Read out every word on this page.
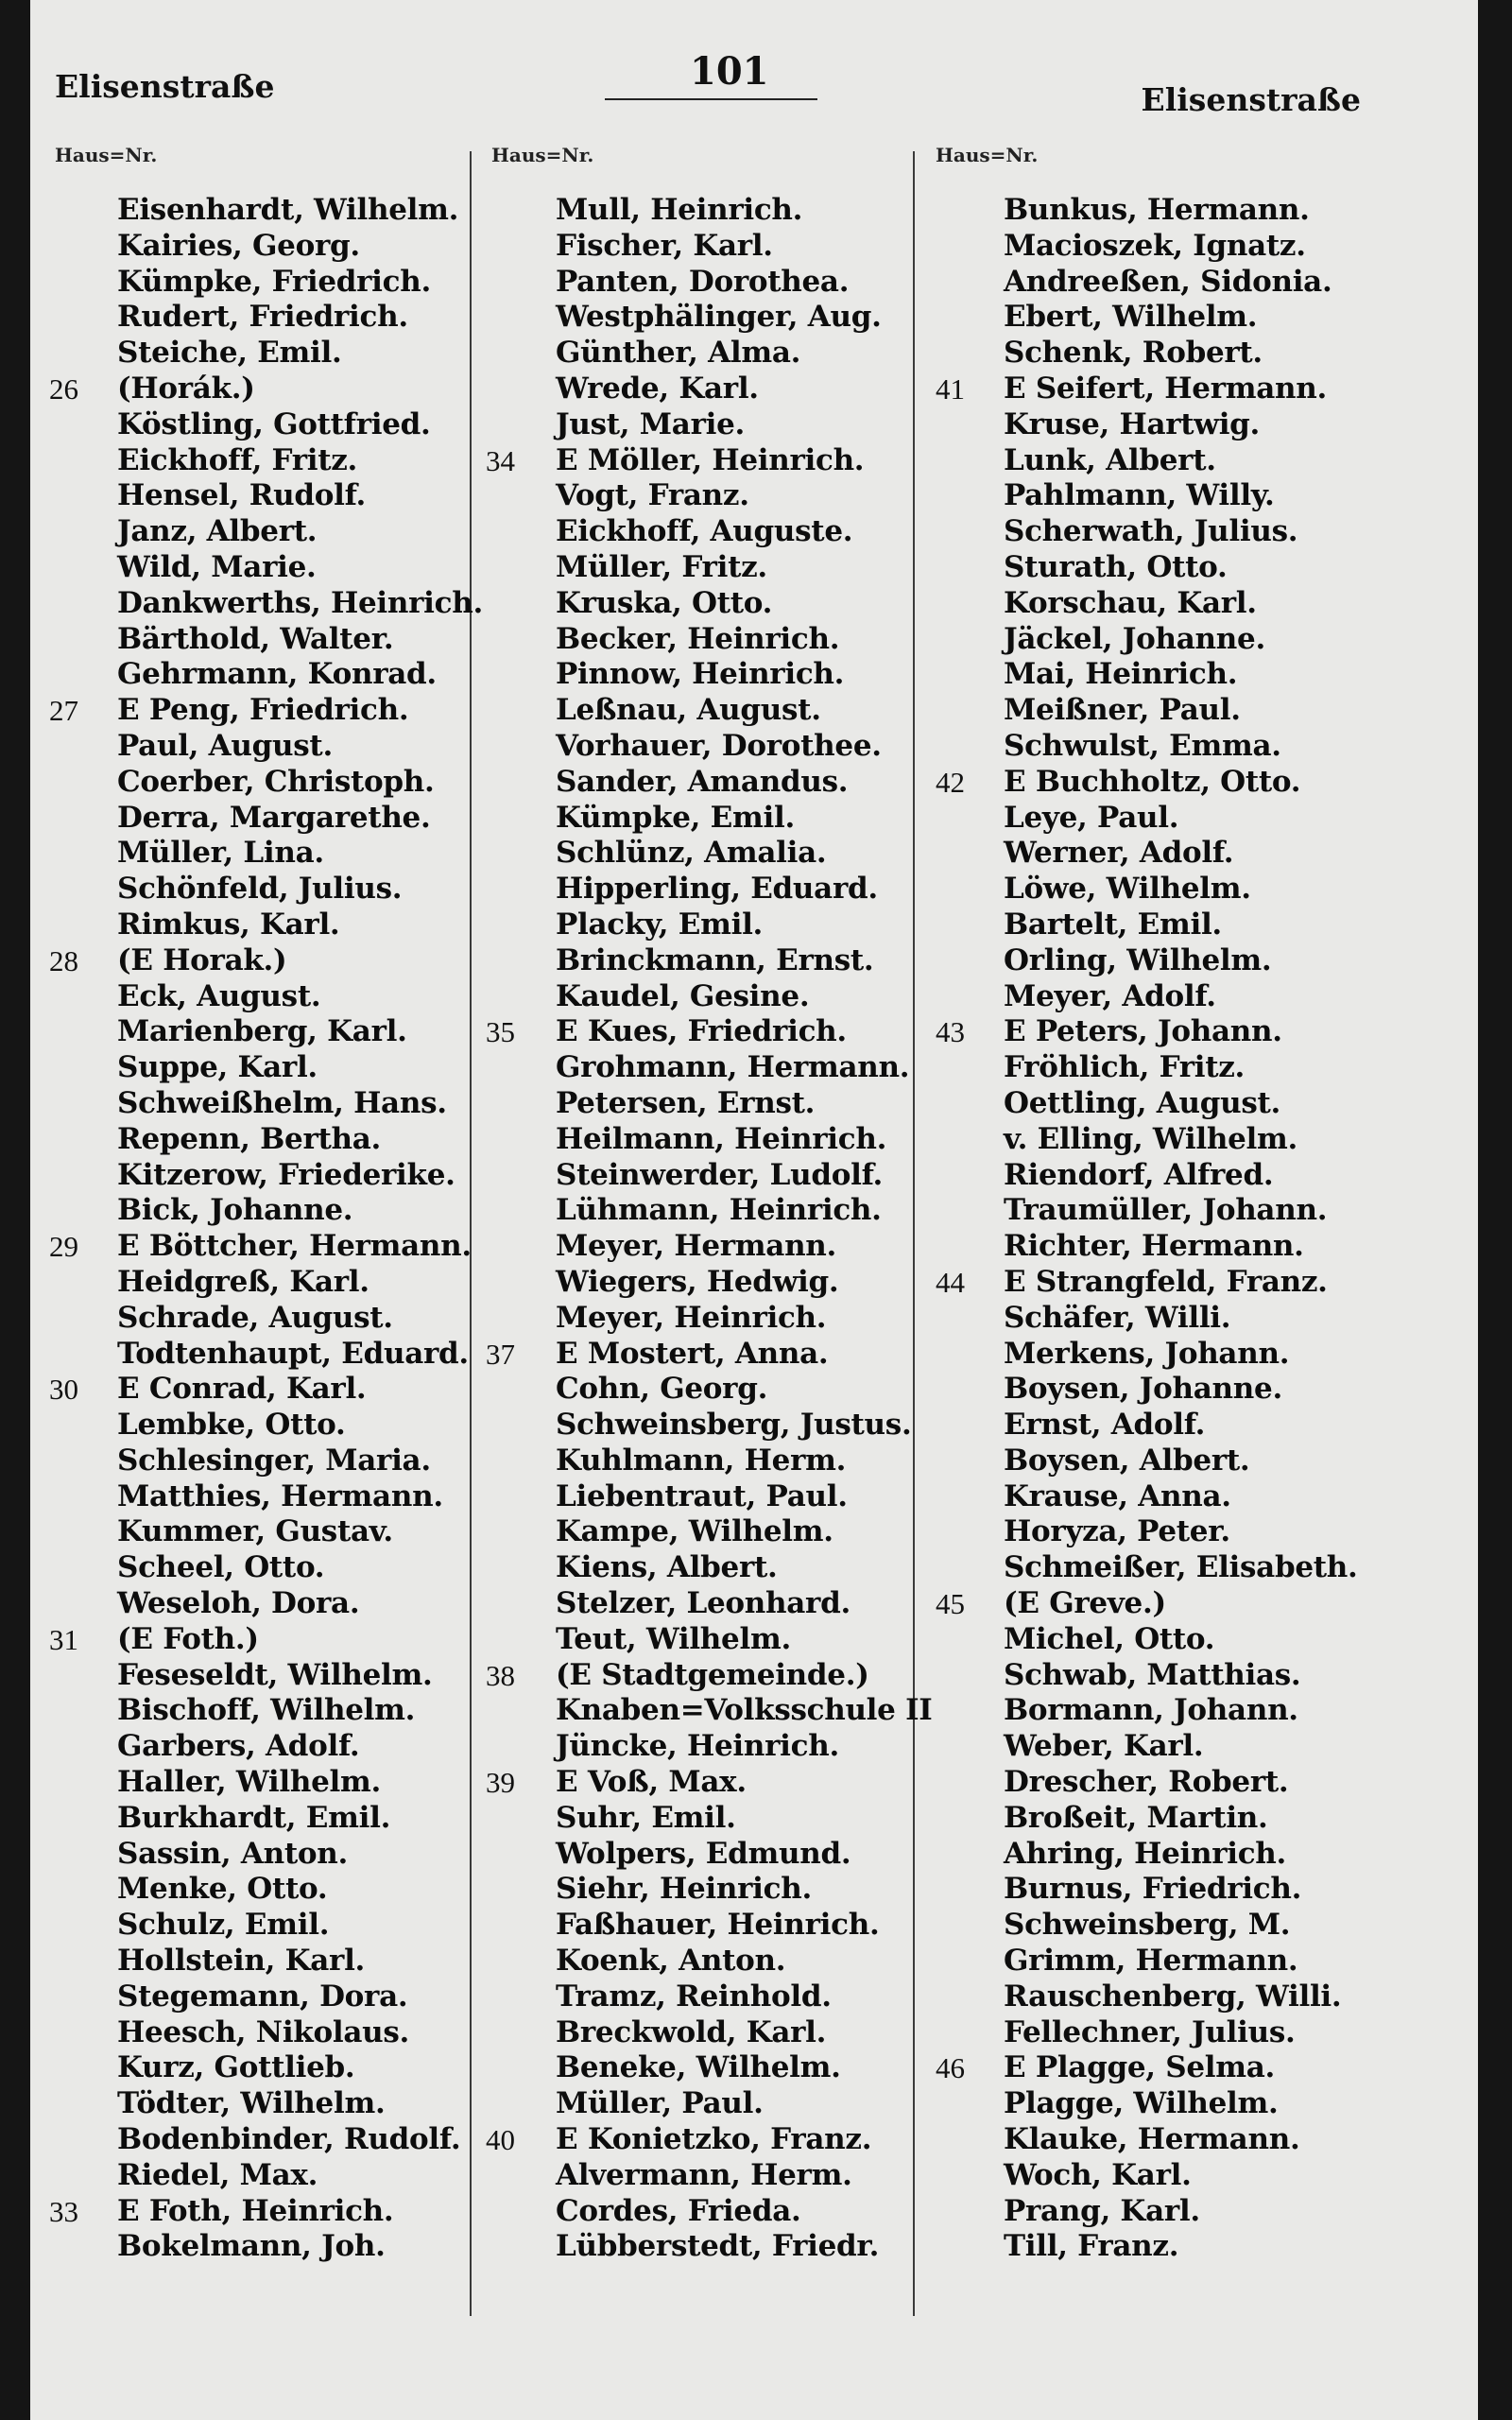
Elisenstraße	101
Elisenstraße
Haus=Nr.	Haus=Nr.	Haus=Nr.
Eisenhardt, Wilhelm.
Kairies, Georg.
Kümpke, Friedrich.
Rudert, Friedrich.
Steiche, Emil.
26	(Horák.)
Köstling, Gottfried.
Eickhoff, Fritz.
Hensel, Rudolf.
Janz, Albert.
Wild, Marie.
Dankwerths, Heinrich.
Bärthold, Walter.
Gehrmann, Konrad.
27	E Peng, Friedrich.
Paul, August.
Coerber, Christoph.
Derra, Margarethe.
Müller, Lina.
Schönfeld, Julius.
Rimkus, Karl.
28	(E Horak.)
Eck, August.
Marienberg, Karl.
Suppe, Karl.
Schweißhelm, Hans.
Repenn, Bertha.
Kitzerow, Friederike.
Bick, Johanne.
29	E Böttcher, Hermann.
Heidgreß, Karl.
Schrade, August.
Todtenhaupt, Eduard.
30	E Conrad, Karl.
Lembke, Otto.
Schlesinger, Maria.
Matthies, Hermann.
Kummer, Gustav.
Scheel, Otto.
Weseloh, Dora.
31	(E Foth.)
Feseseldt, Wilhelm.
Bischoff, Wilhelm.
Garbers, Adolf.
Haller, Wilhelm.
Burkhardt, Emil.
Sassin, Anton.
Menke, Otto.
Schulz, Emil.
Hollstein, Karl.
Stegemann, Dora.
Heesch, Nikolaus.
Kurz, Gottlieb.
Tödter, Wilhelm.
Bodenbinder, Rudolf.
Riedel, Max.
33	E Foth, Heinrich.
Bokelmann, Joh.
Mull, Heinrich.
Fischer, Karl.
Panten, Dorothea.
Westphälinger, Aug.
Günther, Alma.
Wrede, Karl.
Just, Marie.
34	E Möller, Heinrich.
Vogt, Franz.
Eickhoff, Auguste.
Müller, Fritz.
Kruska, Otto.
Becker, Heinrich.
Pinnow, Heinrich.
Leßnau, August.
Vorhauer, Dorothee.
Sander, Amandus.
Kümpke, Emil.
Schlünz, Amalia.
Hipperling, Eduard.
Placky, Emil.
Brinckmann, Ernst.
Kaudel, Gesine.
35	E Kues, Friedrich.
Grohmann, Hermann.
Petersen, Ernst.
Heilmann, Heinrich.
Steinwerder, Ludolf.
Lühmann, Heinrich.
Meyer, Hermann.
Wiegers, Hedwig.
Meyer, Heinrich.
37	E Mostert, Anna.
Cohn, Georg.
Schweinsberg, Justus.
Kuhlmann, Herm.
Liebentraut, Paul.
Kampe, Wilhelm.
Kiens, Albert.
Stelzer, Leonhard.
Teut, Wilhelm.
38	(E Stadtgemeinde.)
Knaben=Volksschule II
Jüncke, Heinrich.
39	E Voß, Max.
Suhr, Emil.
Wolpers, Edmund.
Siehr, Heinrich.
Faßhauer, Heinrich.
Koenk, Anton.
Tramz, Reinhold.
Breckwold, Karl.
Beneke, Wilhelm.
Müller, Paul.
40	E Konietzko, Franz.
Alvermann, Herm.
Cordes, Frieda.
Lübberstedt, Friedr.
Bunkus, Hermann.
Macioszek, Ignatz.
Andreeßen, Sidonia.
Ebert, Wilhelm.
Schenk, Robert.
41	E Seifert, Hermann.
Kruse, Hartwig.
Lunk, Albert.
Pahlmann, Willy.
Scherwath, Julius.
Sturath, Otto.
Korschau, Karl.
Jäckel, Johanne.
Mai, Heinrich.
Meißner, Paul.
Schwulst, Emma.
42	E Buchholtz, Otto.
Leye, Paul.
Werner, Adolf.
Löwe, Wilhelm.
Bartelt, Emil.
Orling, Wilhelm.
Meyer, Adolf.
43	E Peters, Johann.
Fröhlich, Fritz.
Oettling, August.
v. Elling, Wilhelm.
Riendorf, Alfred.
Traumüller, Johann.
Richter, Hermann.
44	E Strangfeld, Franz.
Schäfer, Willi.
Merkens, Johann.
Boysen, Johanne.
Ernst, Adolf.
Boysen, Albert.
Krause, Anna.
Horyza, Peter.
Schmeißer, Elisabeth.
45	(E Greve.)
Michel, Otto.
Schwab, Matthias.
Bormann, Johann.
Weber, Karl.
Drescher, Robert.
Broßeit, Martin.
Ahring, Heinrich.
Burnus, Friedrich.
Schweinsberg, M.
Grimm, Hermann.
Rauschenberg, Willi.
Fellechner, Julius.
46	E Plagge, Selma.
Plagge, Wilhelm.
Klauke, Hermann.
Woch, Karl.
Prang, Karl.
Till, Franz.
